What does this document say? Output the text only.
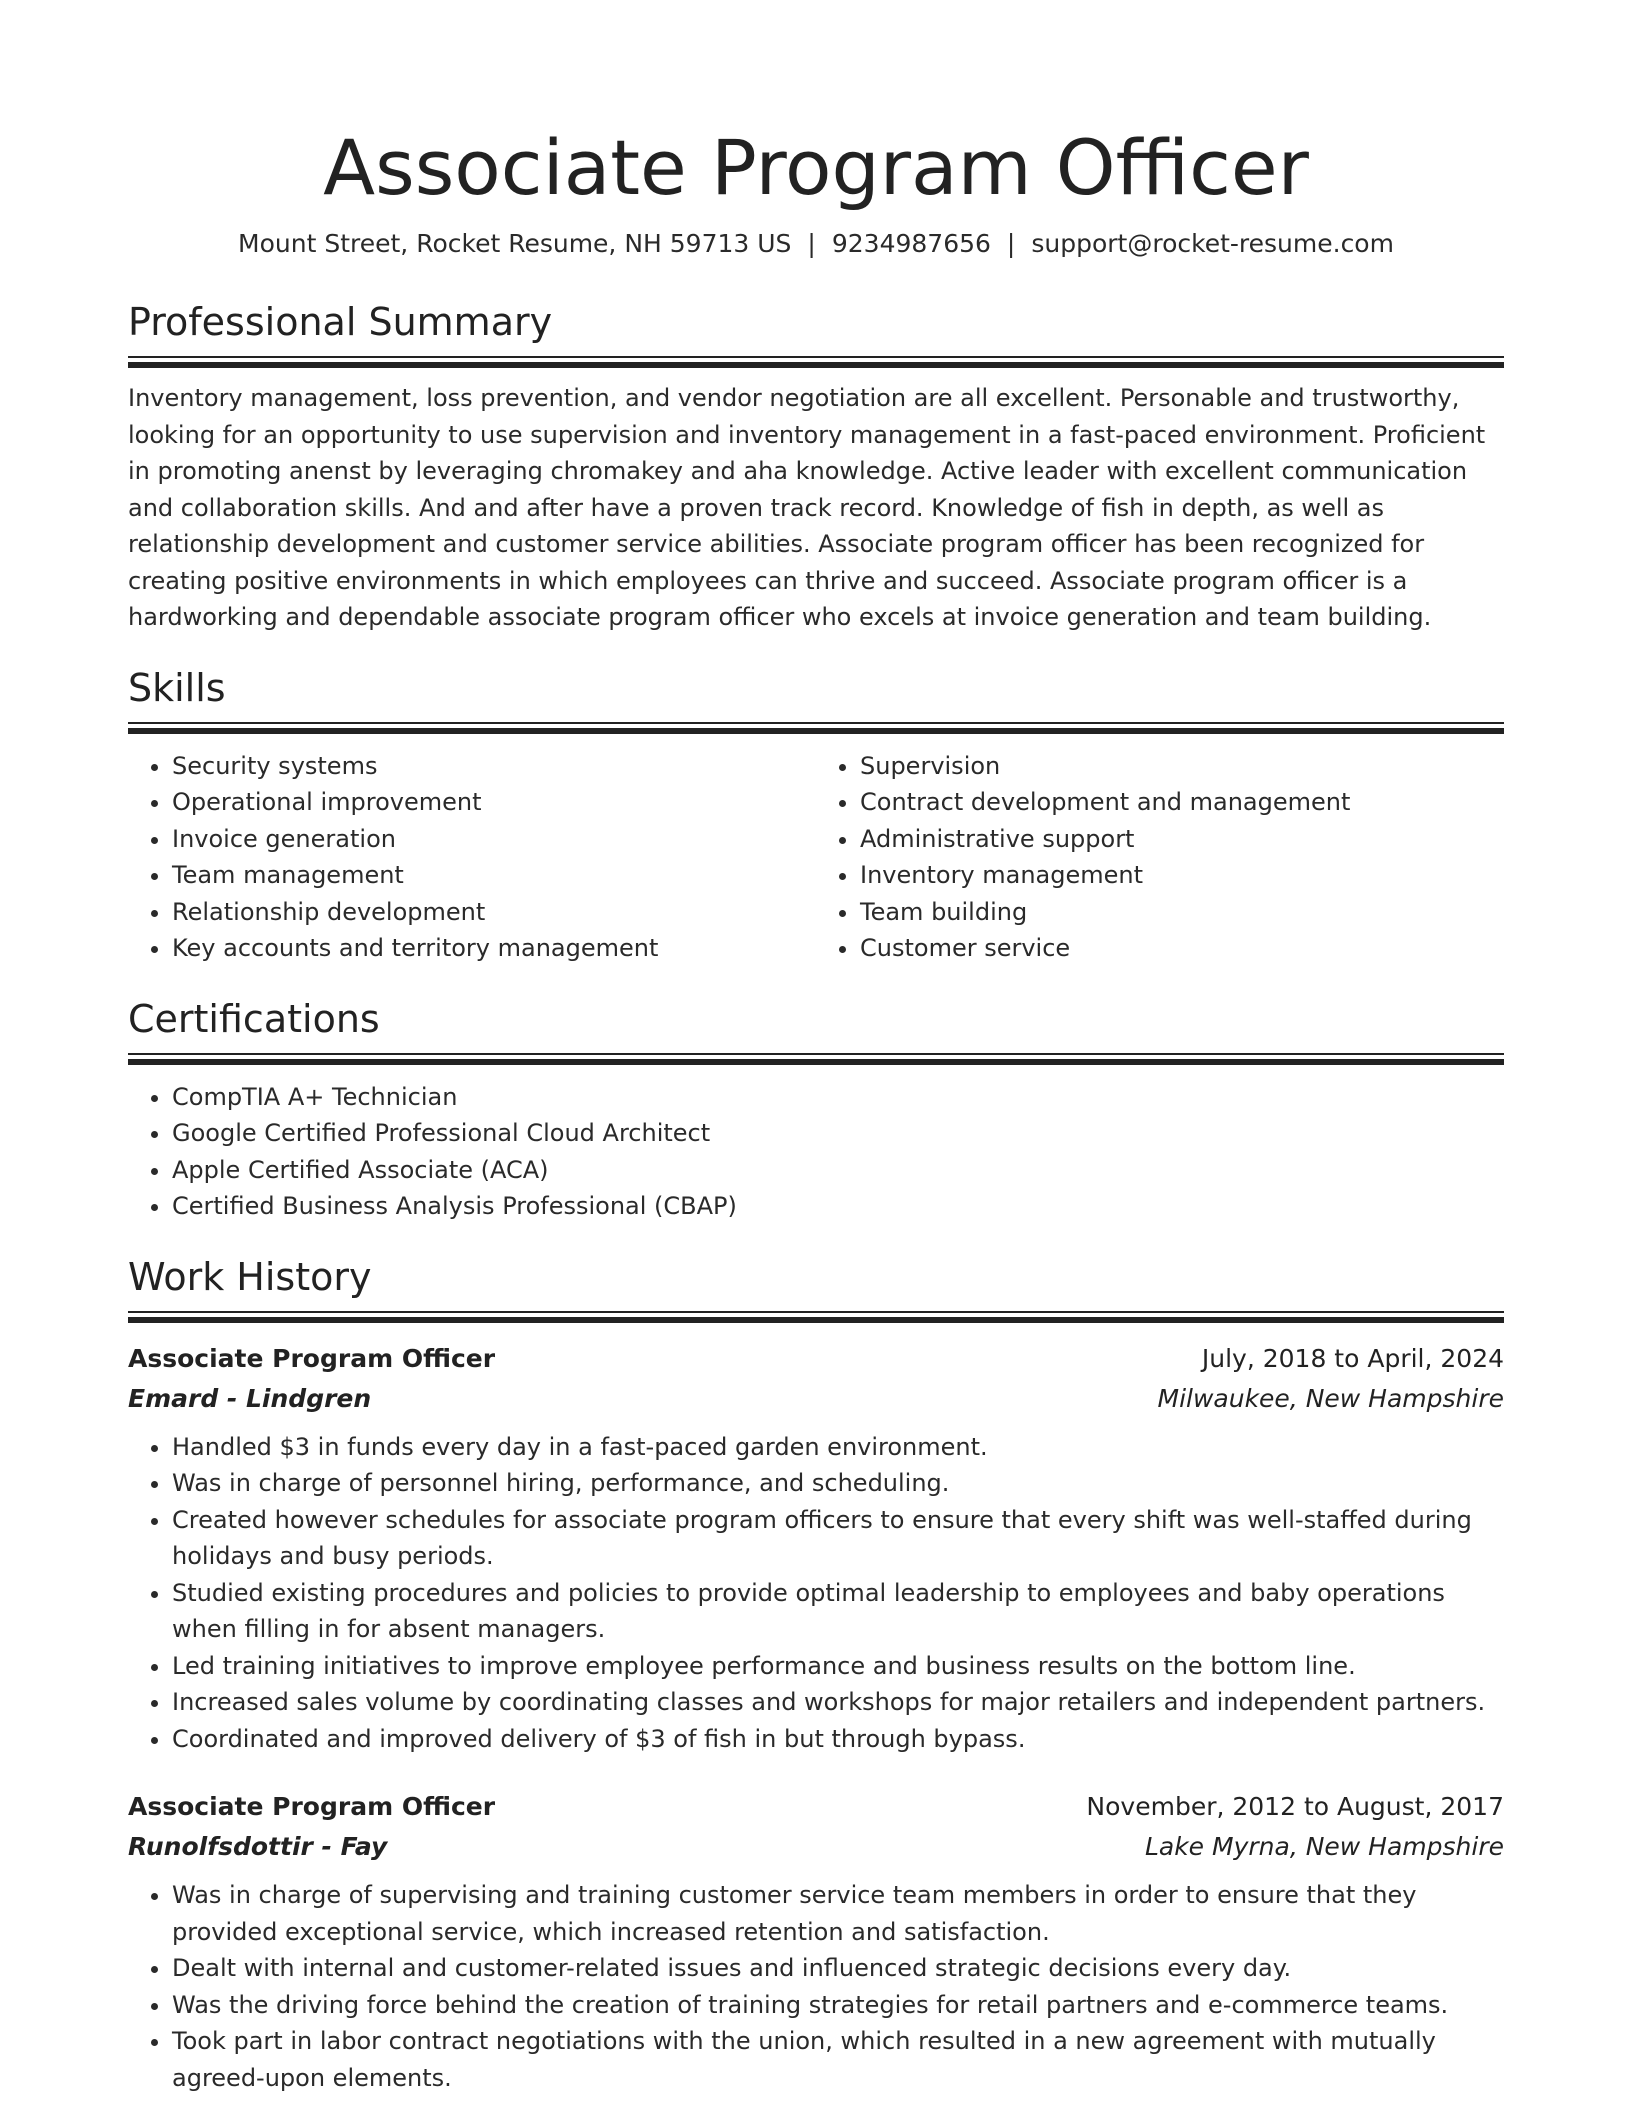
Associate Program Officer
Mount Street, Rocket Resume, NH 59713 US | 9234987656 | support@rocket-resume.com
Professional Summary

Inventory management, loss prevention, and vendor negotiation are all excellent. Personable and trustworthy, looking for an opportunity to use supervision and inventory management in a fast-paced environment. Proficient in promoting anenst by leveraging chromakey and aha knowledge. Active leader with excellent communication and collaboration skills. And and after have a proven track record. Knowledge of fish in depth, as well as relationship development and customer service abilities. Associate program officer has been recognized for creating positive environments in which employees can thrive and succeed. Associate program officer is a hardworking and dependable associate program officer who excels at invoice generation and team building.

Skills
• Security systems
• Operational improvement
• Invoice generation
• Team management
• Relationship development
• Key accounts and territory management
• Supervision
• Contract development and management
• Administrative support
• Inventory management
• Team building
• Customer service
Certifications
• CompTIA A+ Technician
• Google Certified Professional Cloud Architect
• Apple Certified Associate (ACA)
• Certified Business Analysis Professional (CBAP)
Work History
Associate Program Officer	July, 2018 to April, 2024
Emard - Lindgren	Milwaukee, New Hampshire
• Handled $3 in funds every day in a fast-paced garden environment.
• Was in charge of personnel hiring, performance, and scheduling.
• Created however schedules for associate program officers to ensure that every shift was well-staffed during holidays and busy periods.
• Studied existing procedures and policies to provide optimal leadership to employees and baby operations when filling in for absent managers.
• Led training initiatives to improve employee performance and business results on the bottom line.
• Increased sales volume by coordinating classes and workshops for major retailers and independent partners.
• Coordinated and improved delivery of $3 of fish in but through bypass.
Associate Program Officer	November, 2012 to August, 2017
Runolfsdottir - Fay	Lake Myrna, New Hampshire
• Was in charge of supervising and training customer service team members in order to ensure that they provided exceptional service, which increased retention and satisfaction.
• Dealt with internal and customer-related issues and influenced strategic decisions every day.
• Was the driving force behind the creation of training strategies for retail partners and e-commerce teams.
• Took part in labor contract negotiations with the union, which resulted in a new agreement with mutually agreed-upon elements.
